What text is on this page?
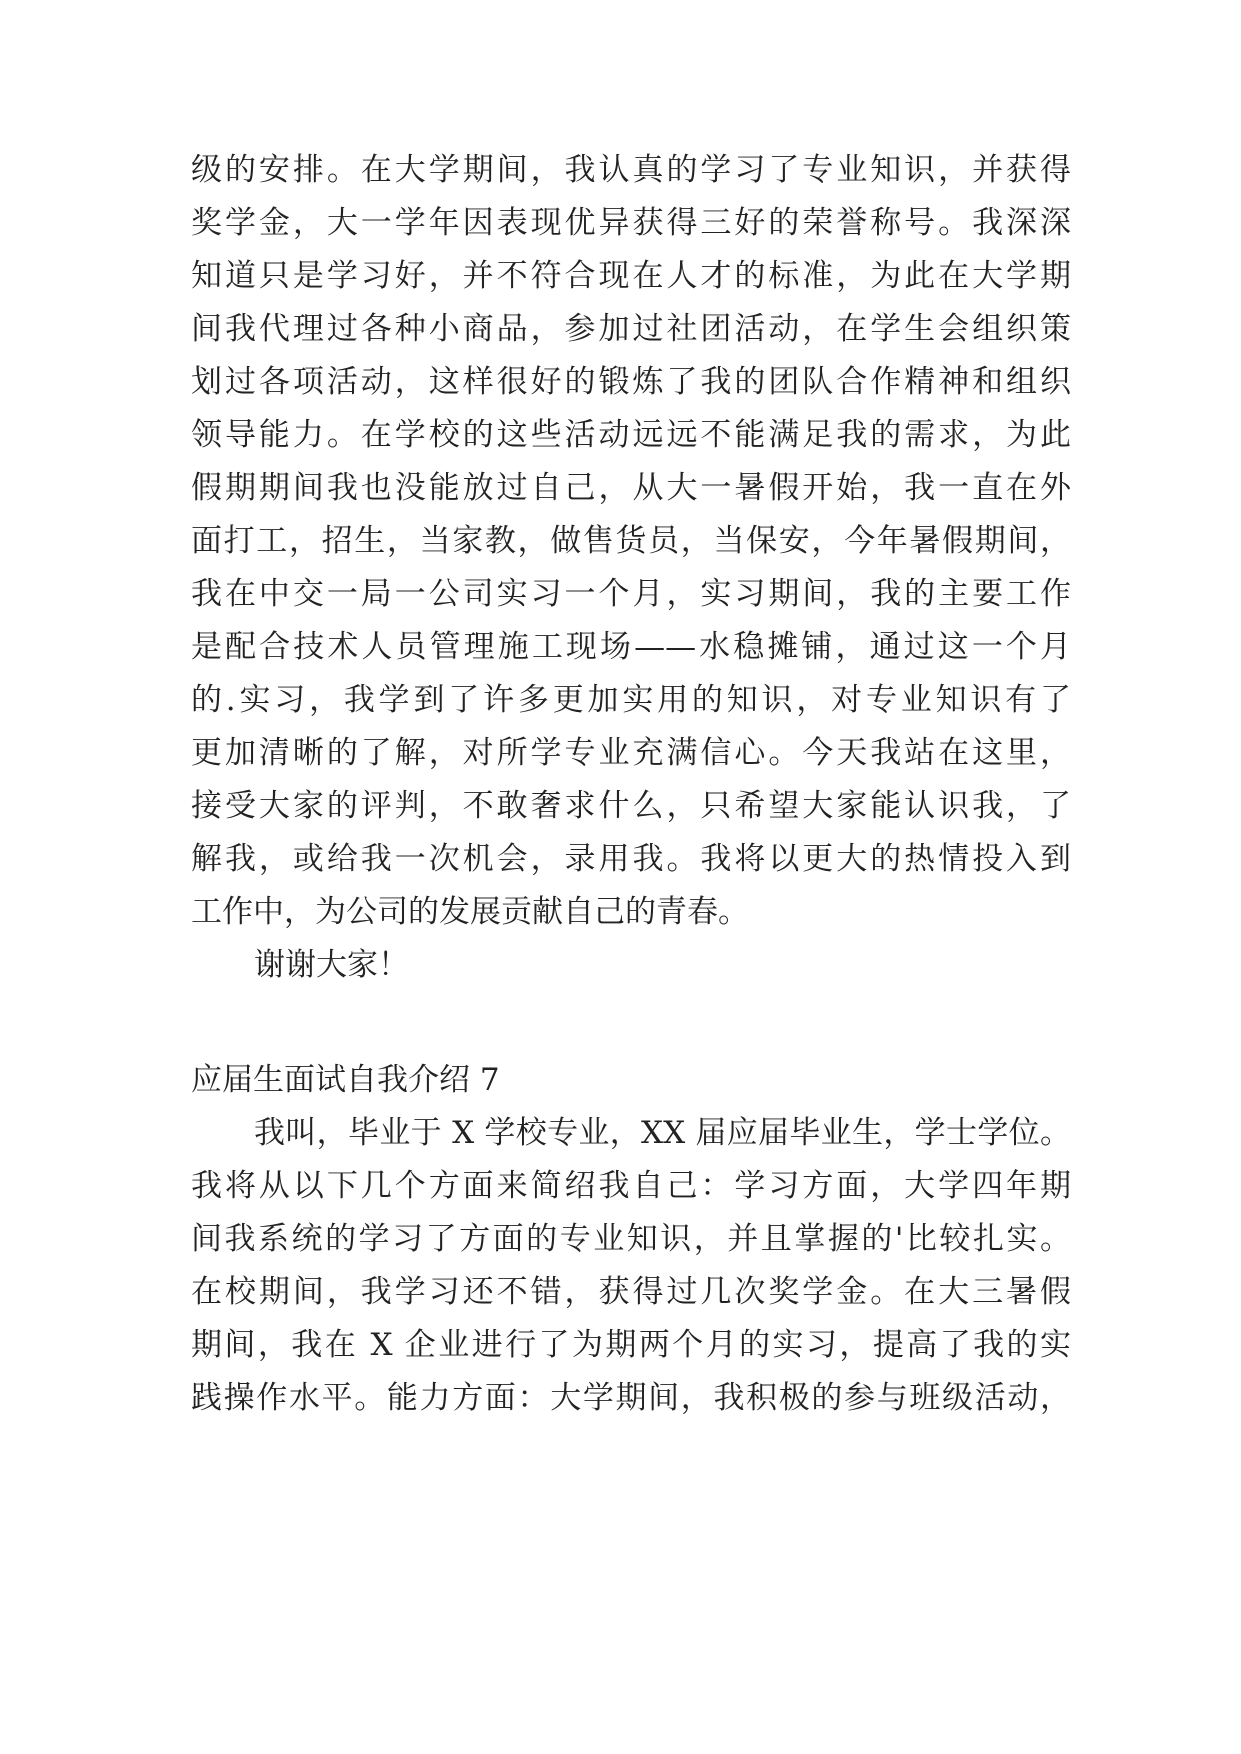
级的安排。在大学期间，我认真的学习了专业知识，并获得
奖学金，大一学年因表现优异获得三好的荣誉称号。我深深
知道只是学习好，并不符合现在人才的标准，为此在大学期
间我代理过各种小商品，参加过社团活动，在学生会组织策
划过各项活动，这样很好的锻炼了我的团队合作精神和组织
领导能力。在学校的这些活动远远不能满足我的需求，为此
假期期间我也没能放过自己，从大一暑假开始，我一直在外
面打工，招生，当家教，做售货员，当保安，今年暑假期间，
我在中交一局一公司实习一个月，实习期间，我的主要工作
是配合技术人员管理施工现场——水稳摊铺，通过这一个月
的.实习，我学到了许多更加实用的知识，对专业知识有了
更加清晰的了解，对所学专业充满信心。今天我站在这里，
接受大家的评判，不敢奢求什么，只希望大家能认识我，了
解我，或给我一次机会，录用我。我将以更大的热情投入到
工作中，为公司的发展贡献自己的青春。
谢谢大家！
应届生面试自我介绍 7
我叫，毕业于 X 学校专业，XX 届应届毕业生，学士学位。
我将从以下几个方面来简绍我自己：学习方面，大学四年期
间我系统的学习了方面的专业知识，并且掌握的'比较扎实。
在校期间，我学习还不错，获得过几次奖学金。在大三暑假
期间，我在 X 企业进行了为期两个月的实习，提高了我的实
践操作水平。能力方面：大学期间，我积极的参与班级活动，
